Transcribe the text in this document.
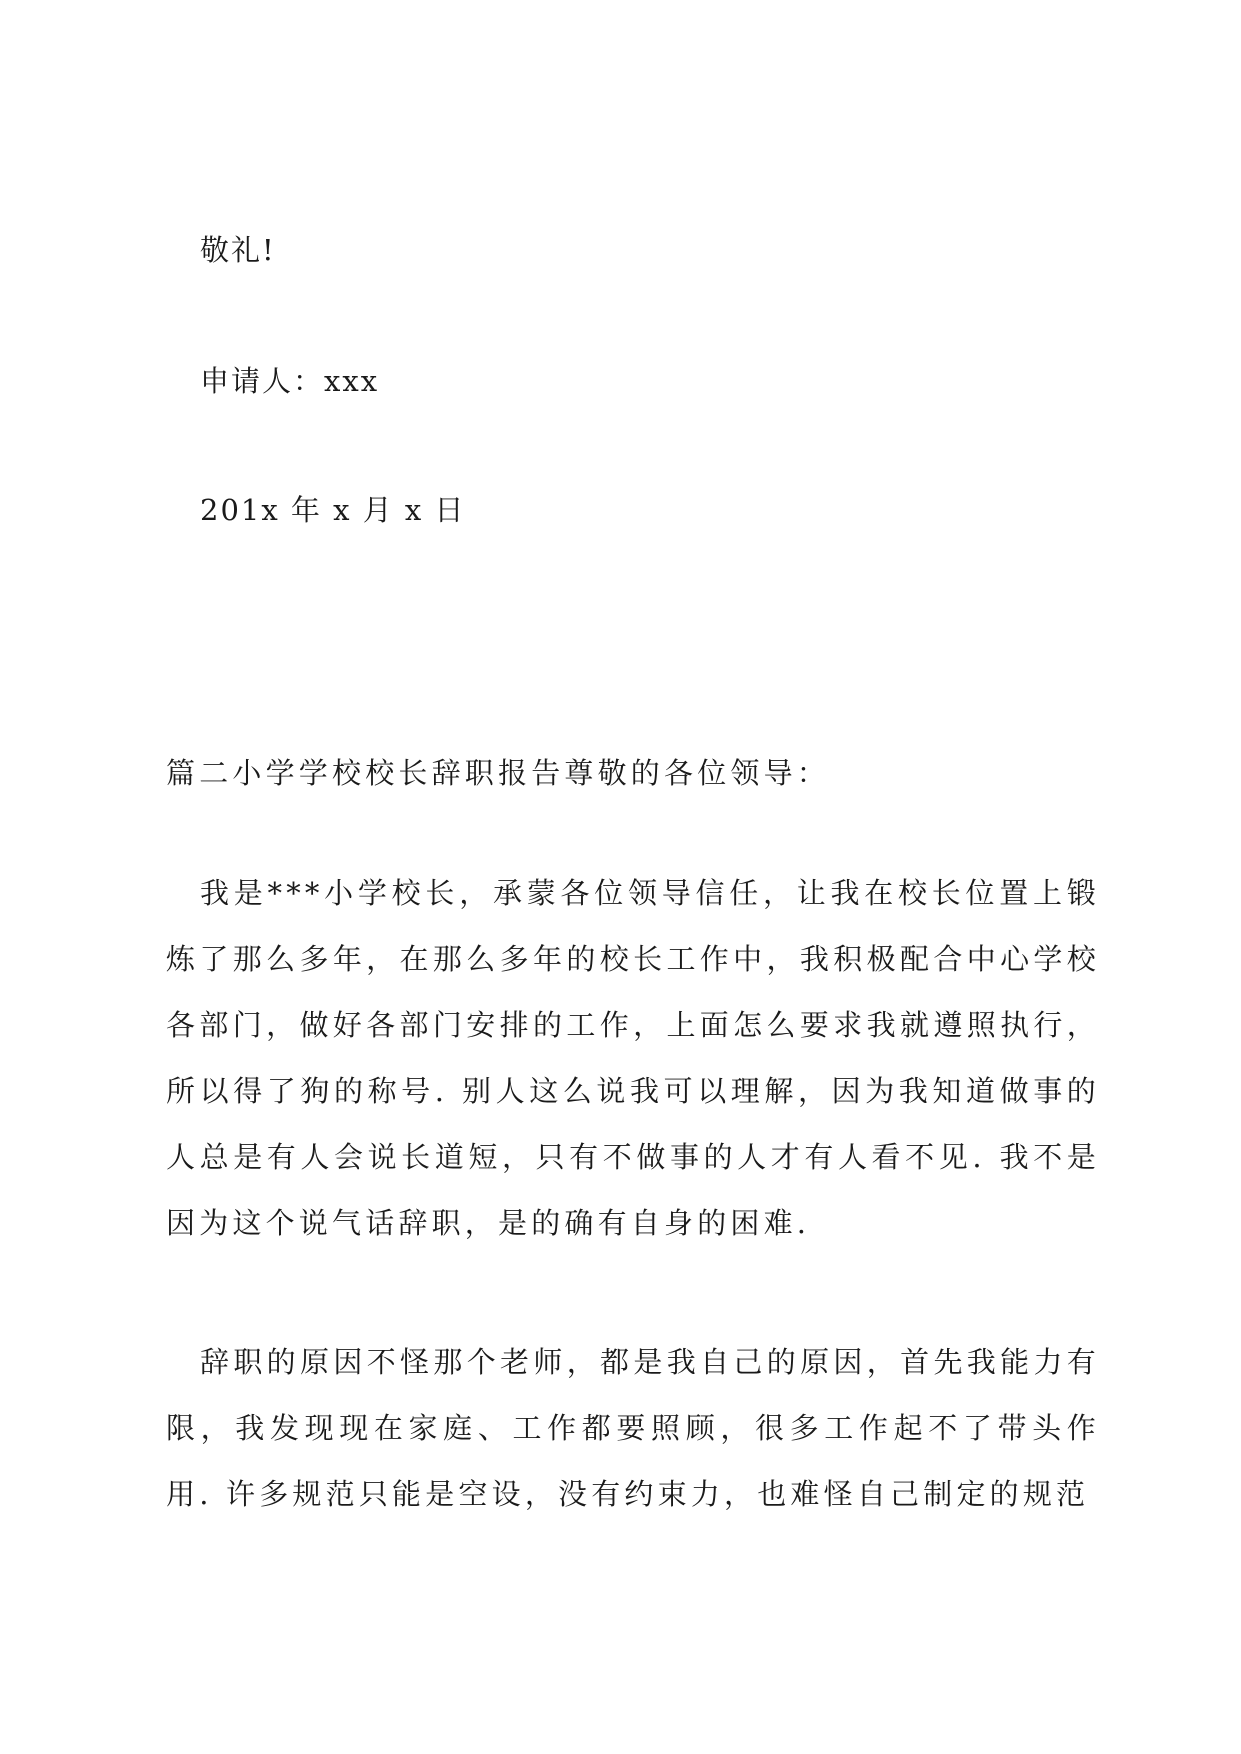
敬礼!
申请人：xxx
201x 年 x 月 x 日
篇二小学学校校长辞职报告尊敬的各位领导：
我是***小学校长，承蒙各位领导信任，让我在校长位置上锻炼了那么多年，在那么多年的校长工作中，我积极配合中心学校各部门，做好各部门安排的工作，上面怎么要求我就遵照执行，所以得了狗的称号. 别人这么说我可以理解，因为我知道做事的人总是有人会说长道短，只有不做事的人才有人看不见. 我不是因为这个说气话辞职，是的确有自身的困难.
辞职的原因不怪那个老师，都是我自己的原因，首先我能力有限，我发现现在家庭、工作都要照顾，很多工作起不了带头作用. 许多规范只能是空设，没有约束力，也难怪自己制定的规范
